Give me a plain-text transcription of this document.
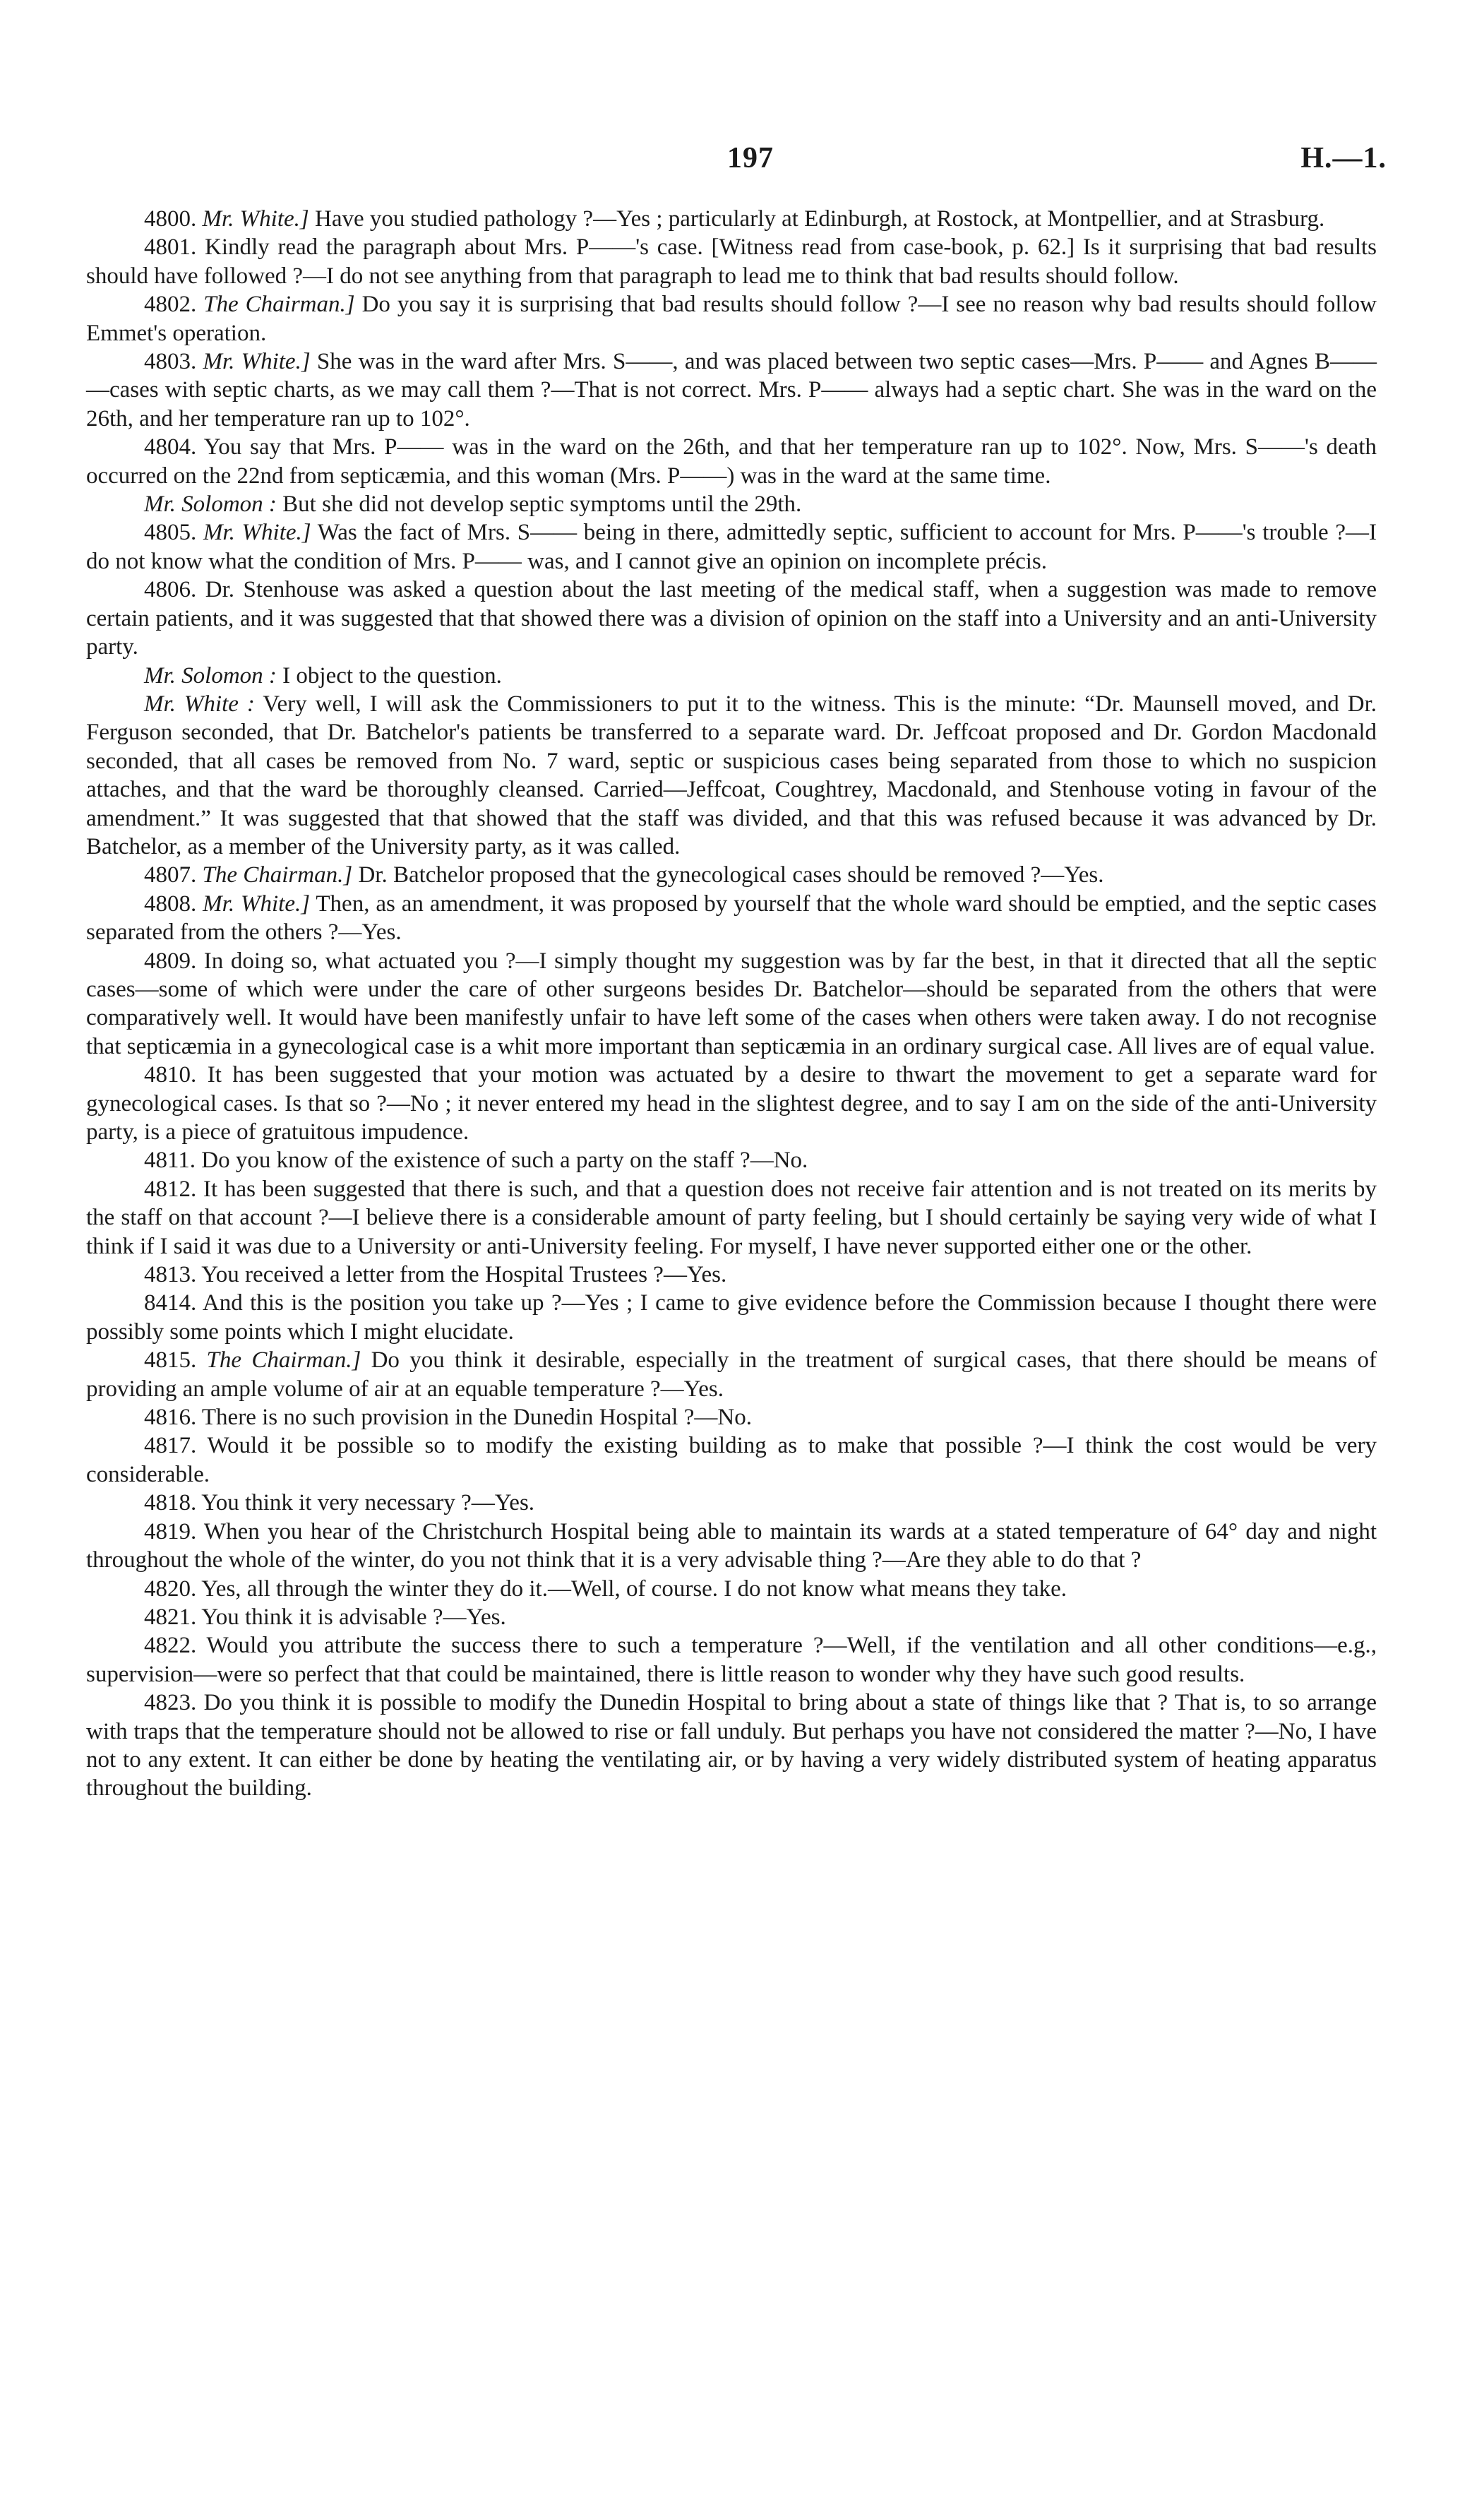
197	H.—1.

4800. Mr. White.] Have you studied pathology ?—Yes ; particularly at Edinburgh, at Rostock, at Montpellier, and at Strasburg.

4801. Kindly read the paragraph about Mrs. P——'s case. [Witness read from case-book, p. 62.] Is it surprising that bad results should have followed ?—I do not see anything from that paragraph to lead me to think that bad results should follow.

4802. The Chairman.] Do you say it is surprising that bad results should follow ?—I see no reason why bad results should follow Emmet's operation.

4803. Mr. White.] She was in the ward after Mrs. S——, and was placed between two septic cases—Mrs. P—— and Agnes B—— —cases with septic charts, as we may call them ?—That is not correct. Mrs. P—— always had a septic chart. She was in the ward on the 26th, and her temperature ran up to 102°.

4804. You say that Mrs. P—— was in the ward on the 26th, and that her temperature ran up to 102°. Now, Mrs. S——'s death occurred on the 22nd from septicæmia, and this woman (Mrs. P——) was in the ward at the same time.

Mr. Solomon : But she did not develop septic symptoms until the 29th.

4805. Mr. White.] Was the fact of Mrs. S—— being in there, admittedly septic, sufficient to account for Mrs. P——'s trouble ?—I do not know what the condition of Mrs. P—— was, and I cannot give an opinion on incomplete précis.

4806. Dr. Stenhouse was asked a question about the last meeting of the medical staff, when a suggestion was made to remove certain patients, and it was suggested that that showed there was a division of opinion on the staff into a University and an anti-University party.

Mr. Solomon : I object to the question.

Mr. White : Very well, I will ask the Commissioners to put it to the witness. This is the minute: “Dr. Maunsell moved, and Dr. Ferguson seconded, that Dr. Batchelor's patients be transferred to a separate ward. Dr. Jeffcoat proposed and Dr. Gordon Macdonald seconded, that all cases be removed from No. 7 ward, septic or suspicious cases being separated from those to which no suspicion attaches, and that the ward be thoroughly cleansed. Carried—Jeffcoat, Coughtrey, Macdonald, and Stenhouse voting in favour of the amendment.” It was suggested that that showed that the staff was divided, and that this was refused because it was advanced by Dr. Batchelor, as a member of the University party, as it was called.

4807. The Chairman.] Dr. Batchelor proposed that the gynecological cases should be removed ?—Yes.

4808. Mr. White.] Then, as an amendment, it was proposed by yourself that the whole ward should be emptied, and the septic cases separated from the others ?—Yes.

4809. In doing so, what actuated you ?—I simply thought my suggestion was by far the best, in that it directed that all the septic cases—some of which were under the care of other surgeons besides Dr. Batchelor—should be separated from the others that were comparatively well. It would have been manifestly unfair to have left some of the cases when others were taken away. I do not recognise that septicæmia in a gynecological case is a whit more important than septicæmia in an ordinary surgical case. All lives are of equal value.

4810. It has been suggested that your motion was actuated by a desire to thwart the movement to get a separate ward for gynecological cases. Is that so ?—No ; it never entered my head in the slightest degree, and to say I am on the side of the anti-University party, is a piece of gratuitous impudence.

4811. Do you know of the existence of such a party on the staff ?—No.

4812. It has been suggested that there is such, and that a question does not receive fair attention and is not treated on its merits by the staff on that account ?—I believe there is a considerable amount of party feeling, but I should certainly be saying very wide of what I think if I said it was due to a University or anti-University feeling. For myself, I have never supported either one or the other.

4813. You received a letter from the Hospital Trustees ?—Yes.

8414. And this is the position you take up ?—Yes ; I came to give evidence before the Commission because I thought there were possibly some points which I might elucidate.

4815. The Chairman.] Do you think it desirable, especially in the treatment of surgical cases, that there should be means of providing an ample volume of air at an equable temperature ?—Yes.

4816. There is no such provision in the Dunedin Hospital ?—No.

4817. Would it be possible so to modify the existing building as to make that possible ?—I think the cost would be very considerable.

4818. You think it very necessary ?—Yes.

4819. When you hear of the Christchurch Hospital being able to maintain its wards at a stated temperature of 64° day and night throughout the whole of the winter, do you not think that it is a very advisable thing ?—Are they able to do that ?

4820. Yes, all through the winter they do it.—Well, of course. I do not know what means they take.

4821. You think it is advisable ?—Yes.

4822. Would you attribute the success there to such a temperature ?—Well, if the ventilation and all other conditions—e.g., supervision—were so perfect that that could be maintained, there is little reason to wonder why they have such good results.

4823. Do you think it is possible to modify the Dunedin Hospital to bring about a state of things like that ? That is, to so arrange with traps that the temperature should not be allowed to rise or fall unduly. But perhaps you have not considered the matter ?—No, I have not to any extent. It can either be done by heating the ventilating air, or by having a very widely distributed system of heating apparatus throughout the building.
